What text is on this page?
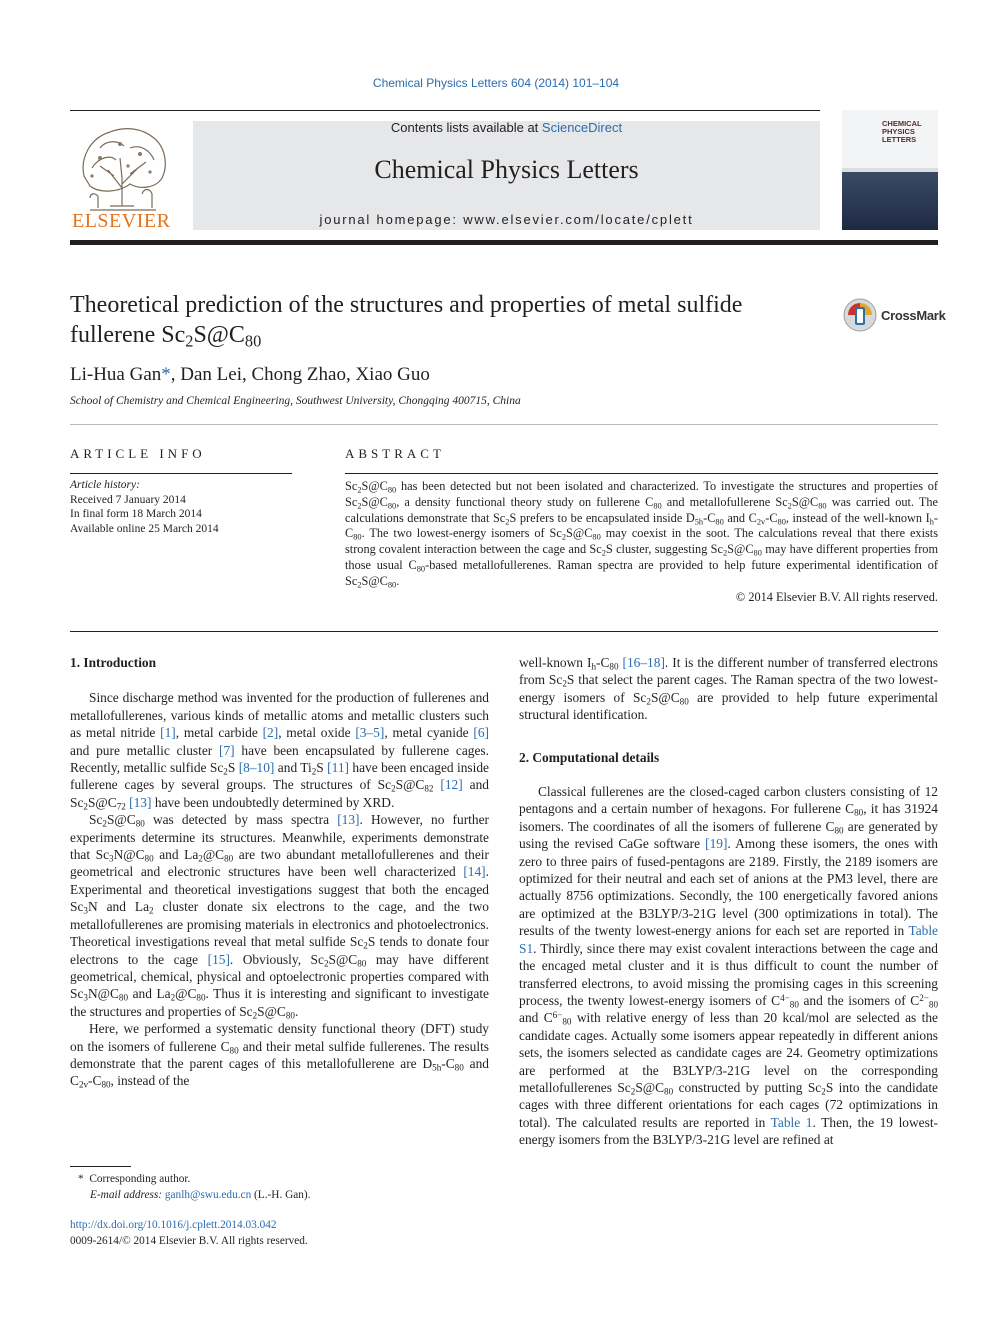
Chemical Physics Letters 604 (2014) 101–104
ELSEVIER
Contents lists available at ScienceDirect
Chemical Physics Letters
journal homepage: www.elsevier.com/locate/cplett
CHEMICAL PHYSICS LETTERS
Theoretical prediction of the structures and properties of metal sulfide fullerene $Sc_2S@C_{80}$
CrossMark
Li-Hua Gan*, Dan Lei, Chong Zhao, Xiao Guo
School of Chemistry and Chemical Engineering, Southwest University, Chongqing 400715, China
ARTICLE INFO
Article history:
Received 7 January 2014
In final form 18 March 2014
Available online 25 March 2014
ABSTRACT
$Sc_2S@C_{80}$ has been detected but not been isolated and characterized. To investigate the structures and properties of $Sc_2S@C_{80}$, a density functional theory study on fullerene $C_{80}$ and metallofullerene $Sc_2S@C_{80}$ was carried out. The calculations demonstrate that $Sc_2S$ prefers to be encapsulated inside $D_{5h}-C_{80}$ and $C_{2v}-C_{80}$, instead of the well-known $I_h-C_{80}$. The two lowest-energy isomers of $Sc_2S@C_{80}$ may coexist in the soot. The calculations reveal that there exists strong covalent interaction between the cage and $Sc_2S$ cluster, suggesting $Sc_2S@C_{80}$ may have different properties from those usual $C_{80}$-based metallofullerenes. Raman spectra are provided to help future experimental identification of $Sc_2S@C_{80}$.
© 2014 Elsevier B.V. All rights reserved.
1. Introduction

Since discharge method was invented for the production of fullerenes and metallofullerenes, various kinds of metallic atoms and metallic clusters such as metal nitride [1], metal carbide [2], metal oxide [3–5], metal cyanide [6] and pure metallic cluster [7] have been encapsulated by fullerene cages. Recently, metallic sulfide $Sc_2S$ [8–10] and $Ti_2S$ [11] have been encaged inside fullerene cages by several groups. The structures of $Sc_2S@C_{82}$ [12] and $Sc_2S@C_{72}$ [13] have been undoubtedly determined by XRD.

$Sc_2S@C_{80}$ was detected by mass spectra [13]. However, no further experiments determine its structures. Meanwhile, experiments demonstrate that $Sc_3N@C_{80}$ and $La_2@C_{80}$ are two abundant metallofullerenes and their geometrical and electronic structures have been well characterized [14]. Experimental and theoretical investigations suggest that both the encaged $Sc_3N$ and $La_2$ cluster donate six electrons to the cage, and the two metallofullerenes are promising materials in electronics and photoelectronics. Theoretical investigations reveal that metal sulfide $Sc_2S$ tends to donate four electrons to the cage [15]. Obviously, $Sc_2S@C_{80}$ may have different geometrical, chemical, physical and optoelectronic properties compared with $Sc_3N@C_{80}$ and $La_2@C_{80}$. Thus it is interesting and significant to investigate the structures and properties of $Sc_2S@C_{80}$.

Here, we performed a systematic density functional theory (DFT) study on the isomers of fullerene $C_{80}$ and their metal sulfide fullerenes. The results demonstrate that the parent cages of this metallofullerene are $D_{5h}-C_{80}$ and $C_{2v}-C_{80}$, instead of the

well-known $I_h-C_{80}$ [16–18]. It is the different number of transferred electrons from $Sc_2S$ that select the parent cages. The Raman spectra of the two lowest-energy isomers of $Sc_2S@C_{80}$ are provided to help future experimental structural identification.

2. Computational details

Classical fullerenes are the closed-caged carbon clusters consisting of 12 pentagons and a certain number of hexagons. For fullerene $C_{80}$, it has 31924 isomers. The coordinates of all the isomers of fullerene $C_{80}$ are generated by using the revised CaGe software [19]. Among these isomers, the ones with zero to three pairs of fused-pentagons are 2189. Firstly, the 2189 isomers are optimized for their neutral and each set of anions at the PM3 level, there are actually 8756 optimizations. Secondly, the 100 energetically favored anions are optimized at the B3LYP/3-21G level (300 optimizations in total). The results of the twenty lowest-energy anions for each set are reported in Table S1. Thirdly, since there may exist covalent interactions between the cage and the encaged metal cluster and it is thus difficult to count the number of transferred electrons, to avoid missing the promising cages in this screening process, the twenty lowest-energy isomers of $C^{4-}_{80}$ and the isomers of $C^{2-}_{80}$ and $C^{6-}_{80}$ with relative energy of less than 20 kcal/mol are selected as the candidate cages. Actually some isomers appear repeatedly in different anions sets, the isomers selected as candidate cages are 24. Geometry optimizations are performed at the B3LYP/3-21G level on the corresponding metallofullerenes $Sc_2S@C_{80}$ constructed by putting $Sc_2S$ into the candidate cages with three different orientations for each cages (72 optimizations in total). The calculated results are reported in Table 1. Then, the 19 lowest-energy isomers from the B3LYP/3-21G level are refined at

* Corresponding author.
E-mail address: ganlh@swu.edu.cn (L.-H. Gan).
http://dx.doi.org/10.1016/j.cplett.2014.03.042
0009-2614/© 2014 Elsevier B.V. All rights reserved.
